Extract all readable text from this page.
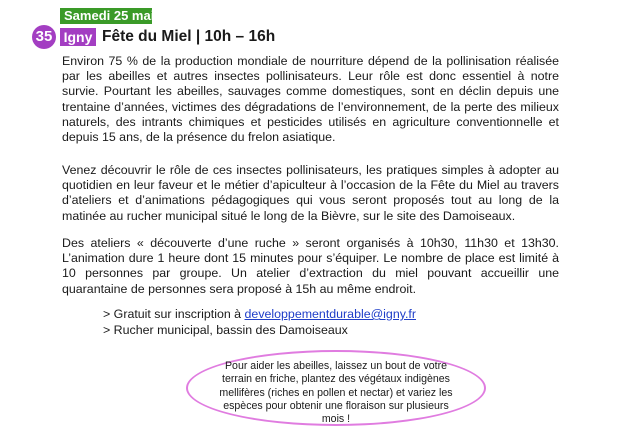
Samedi 25 mai
35 Igny Fête du Miel | 10h – 16h

Environ 75 % de la production mondiale de nourriture dépend de la pollinisation réalisée par les abeilles et autres insectes pollinisateurs. Leur rôle est donc essentiel à notre survie. Pourtant les abeilles, sauvages comme domestiques, sont en déclin depuis une trentaine d’années, victimes des dégradations de l’environnement, de la perte des milieux naturels, des intrants chimiques et pesticides utilisés en agriculture conventionnelle et depuis 15 ans, de la présence du frelon asiatique.

Venez découvrir le rôle de ces insectes pollinisateurs, les pratiques simples à adopter au quotidien en leur faveur et le métier d’apiculteur à l’occasion de la Fête du Miel au travers d’ateliers et d’animations pédagogiques qui vous seront proposés tout au long de la matinée au rucher municipal situé le long de la Bièvre, sur le site des Damoiseaux.

Des ateliers « découverte d’une ruche » seront organisés à 10h30, 11h30 et 13h30. L’animation dure 1 heure dont 15 minutes pour s’équiper. Le nombre de place est limité à 10 personnes par groupe. Un atelier d’extraction du miel pouvant accueillir une quarantaine de personnes sera proposé à 15h au même endroit.

> Gratuit sur inscription à developpementdurable@igny.fr
> Rucher municipal, bassin des Damoiseaux

Pour aider les abeilles, laissez un bout de votre terrain en friche, plantez des végétaux indigènes mellifères (riches en pollen et nectar) et variez les espèces pour obtenir une floraison sur plusieurs mois !
